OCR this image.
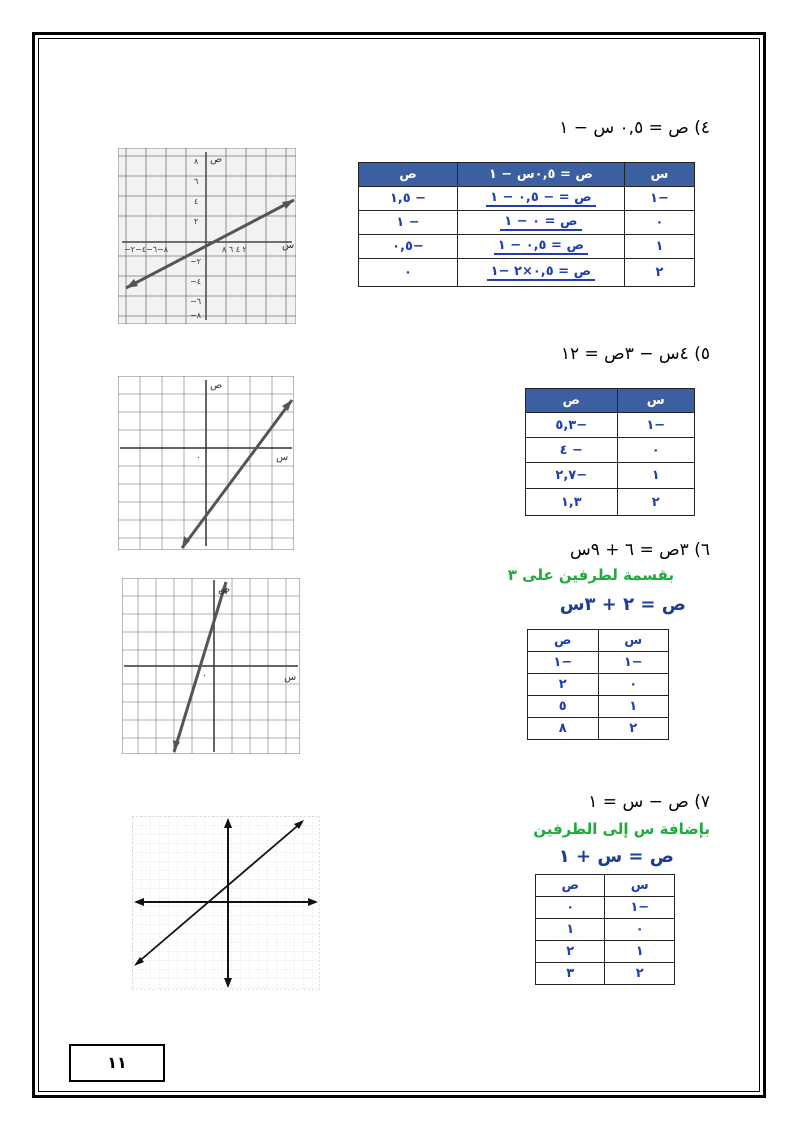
٤) ص = ٠,٥ س − ١
س	ص = ٠,٥س − ١	ص
−١	ص = − ٠,٥ − ١	− ١,٥
٠	ص = ٠ − ١	− ١
١	ص = ٠,٥ − ١	−٠,٥
٢	ص = ٠,٥×٢ −١	٠
ص
س
٨
٦
٤
٢
−٢
−٤
−٦
−٨
−٨−٦−٤−٢	٢ ٤ ٦ ٨
٠
٥) ٤س − ٣ص = ١٢
س	ص
−١	−٥,٣
٠	− ٤
١	−٢,٧
٢	١,٣
ص
س
٠
٦) ٣ص = ٦ + ٩س
بقسمة لطرفين على ٣
ص = ٢ + ٣س
س	ص
−١	−١
٠	٢
١	٥
٢	٨
ص
س
٠
٧) ص − س = ١
بإضافة س إلى الطرفين
ص = س + ١
س	ص
−١	٠
٠	١
١	٢
٢	٣
١١
